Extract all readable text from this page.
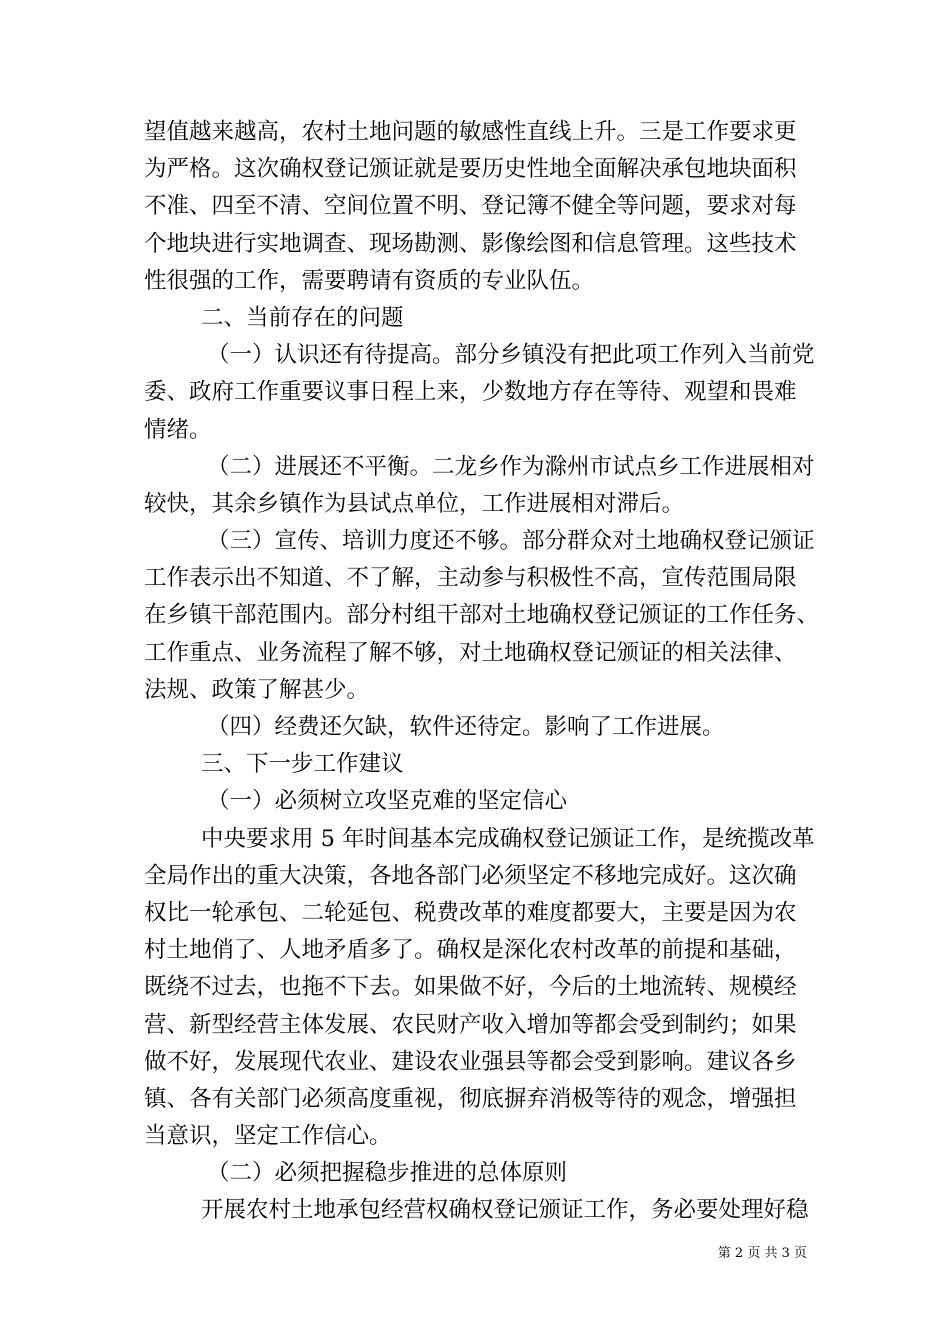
望值越来越高，农村土地问题的敏感性直线上升。三是工作要求更
为严格。这次确权登记颁证就是要历史性地全面解决承包地块面积
不准、四至不清、空间位置不明、登记簿不健全等问题，要求对每
个地块进行实地调查、现场勘测、影像绘图和信息管理。这些技术
性很强的工作，需要聘请有资质的专业队伍。
二、当前存在的问题
（一）认识还有待提高。部分乡镇没有把此项工作列入当前党
委、政府工作重要议事日程上来，少数地方存在等待、观望和畏难
情绪。
（二）进展还不平衡。二龙乡作为滁州市试点乡工作进展相对
较快，其余乡镇作为县试点单位，工作进展相对滞后。
（三）宣传、培训力度还不够。部分群众对土地确权登记颁证
工作表示出不知道、不了解，主动参与积极性不高，宣传范围局限
在乡镇干部范围内。部分村组干部对土地确权登记颁证的工作任务、
工作重点、业务流程了解不够，对土地确权登记颁证的相关法律、
法规、政策了解甚少。
（四）经费还欠缺，软件还待定。影响了工作进展。
三、下一步工作建议
（一）必须树立攻坚克难的坚定信心
中央要求用 5 年时间基本完成确权登记颁证工作，是统揽改革
全局作出的重大决策，各地各部门必须坚定不移地完成好。这次确
权比一轮承包、二轮延包、税费改革的难度都要大，主要是因为农
村土地俏了、人地矛盾多了。确权是深化农村改革的前提和基础，
既绕不过去，也拖不下去。如果做不好，今后的土地流转、规模经
营、新型经营主体发展、农民财产收入增加等都会受到制约；如果
做不好，发展现代农业、建设农业强县等都会受到影响。建议各乡
镇、各有关部门必须高度重视，彻底摒弃消极等待的观念，增强担
当意识，坚定工作信心。
（二）必须把握稳步推进的总体原则
开展农村土地承包经营权确权登记颁证工作，务必要处理好稳
第 2 页 共 3 页
